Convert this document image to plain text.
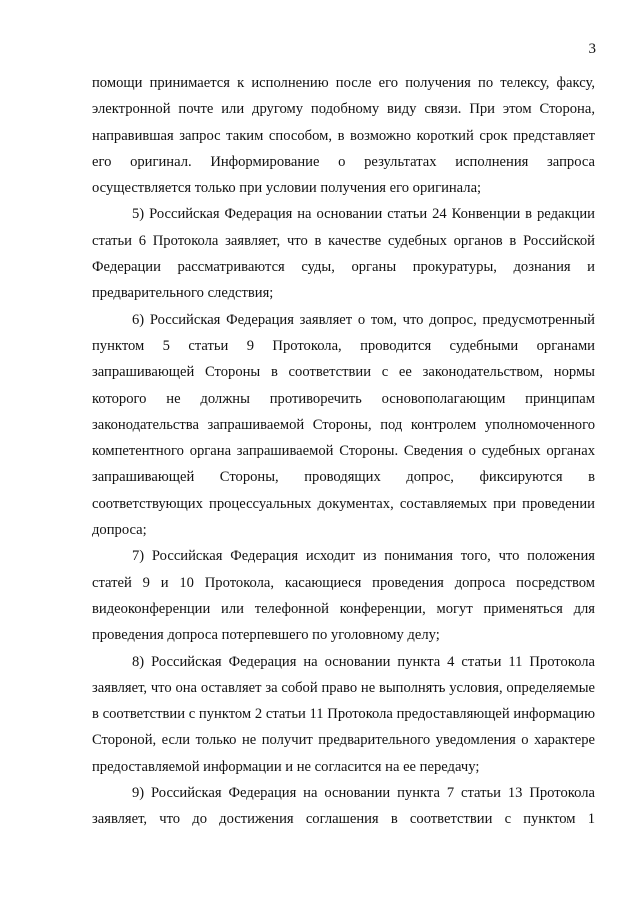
3

помощи принимается к исполнению после его получения по телексу, факсу, электронной почте или другому подобному виду связи. При этом Сторона, направившая запрос таким способом, в возможно короткий срок представляет его оригинал. Информирование о результатах исполнения запроса осуществляется только при условии получения его оригинала;

5) Российская Федерация на основании статьи 24 Конвенции в редакции статьи 6 Протокола заявляет, что в качестве судебных органов в Российской Федерации рассматриваются суды, органы прокуратуры, дознания и предварительного следствия;

6) Российская Федерация заявляет о том, что допрос, предусмотренный пунктом 5 статьи 9 Протокола, проводится судебными органами запрашивающей Стороны в соответствии с ее законодательством, нормы которого не должны противоречить основополагающим принципам законодательства запрашиваемой Стороны, под контролем уполномоченного компетентного органа запрашиваемой Стороны. Сведения о судебных органах запрашивающей Стороны, проводящих допрос, фиксируются в соответствующих процессуальных документах, составляемых при проведении допроса;

7) Российская Федерация исходит из понимания того, что положения статей 9 и 10 Протокола, касающиеся проведения допроса посредством видеоконференции или телефонной конференции, могут применяться для проведения допроса потерпевшего по уголовному делу;

8) Российская Федерация на основании пункта 4 статьи 11 Протокола заявляет, что она оставляет за собой право не выполнять условия, определяемые в соответствии с пунктом 2 статьи 11 Протокола предоставляющей информацию Стороной, если только не получит предварительного уведомления о характере предоставляемой информации и не согласится на ее передачу;

9) Российская Федерация на основании пункта 7 статьи 13 Протокола заявляет, что до достижения соглашения в соответствии с пунктом 1
